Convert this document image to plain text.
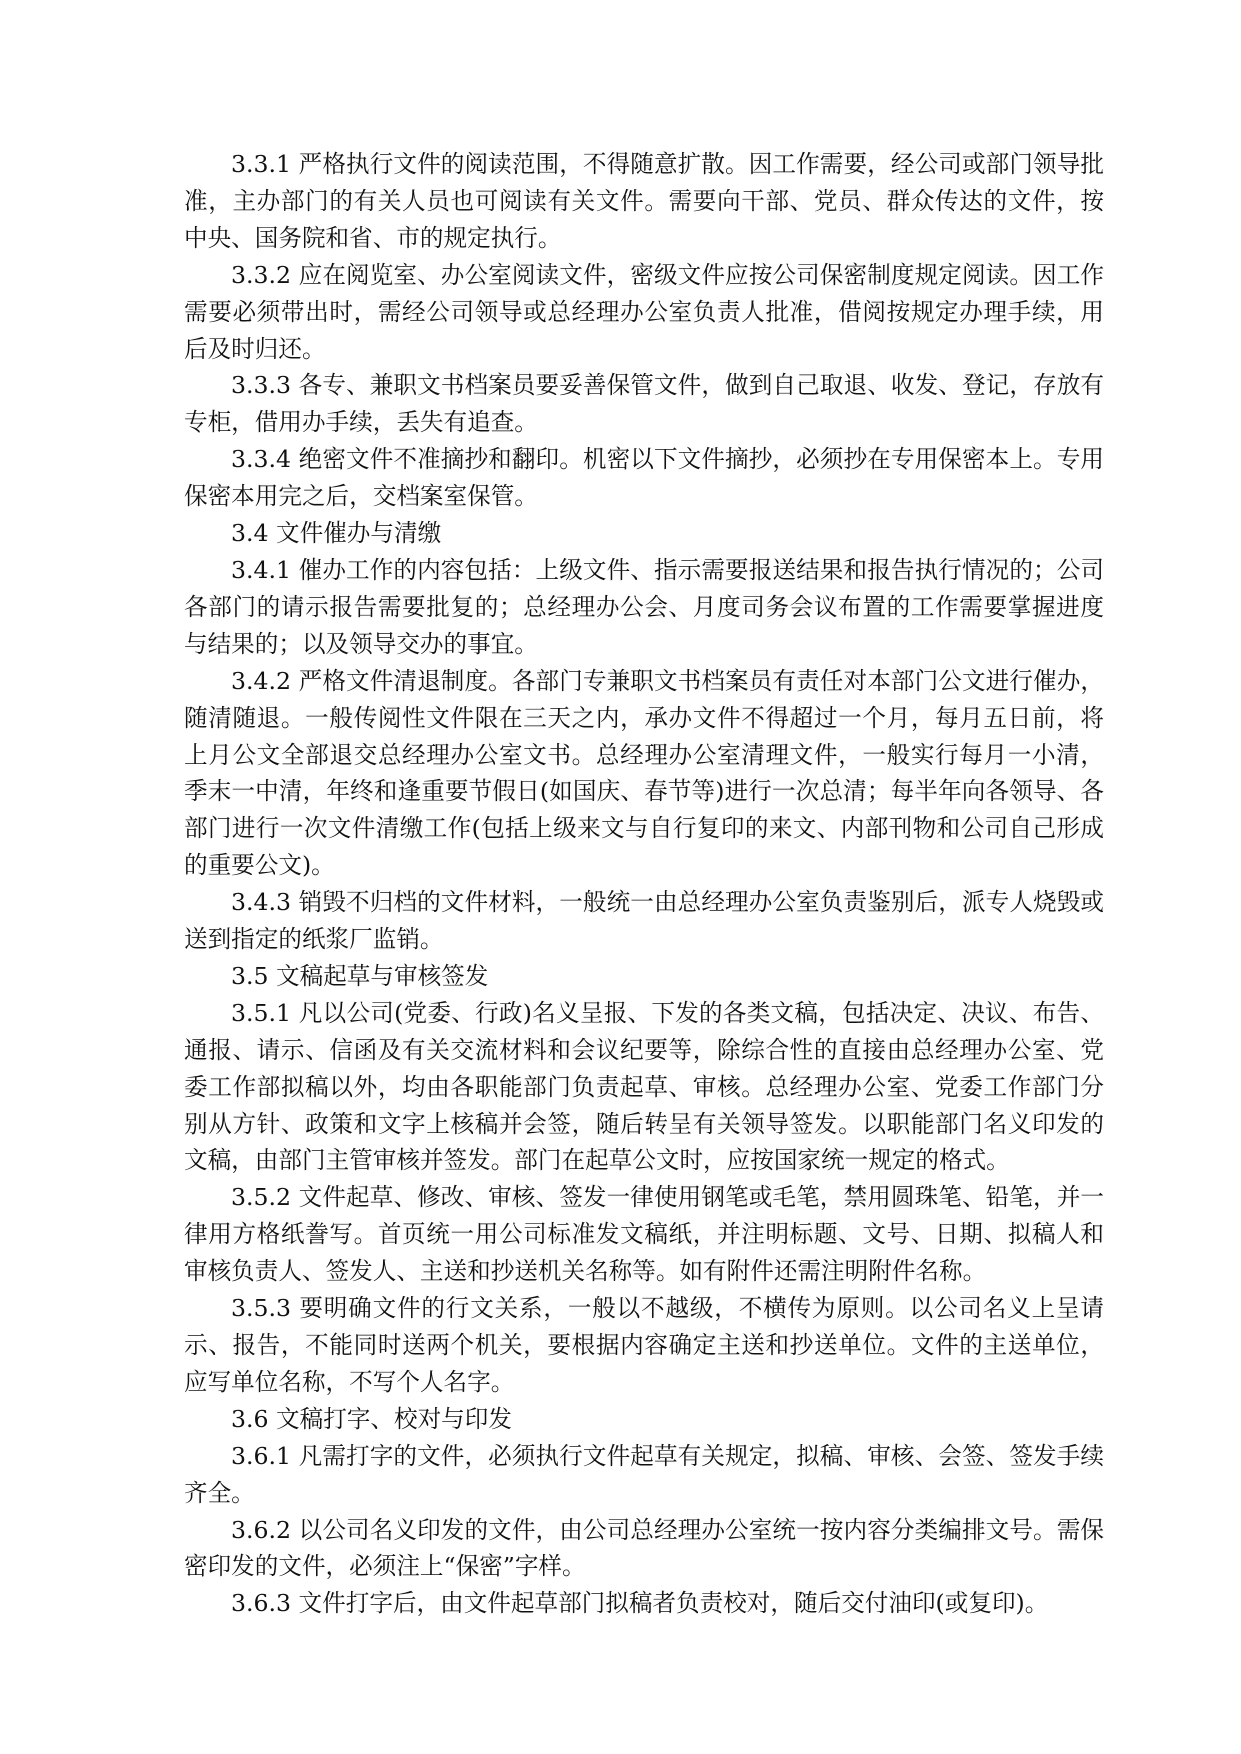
3.3.1 严格执行文件的阅读范围，不得随意扩散。因工作需要，经公司或部门领导批准，主办部门的有关人员也可阅读有关文件。需要向干部、党员、群众传达的文件，按中央、国务院和省、市的规定执行。

3.3.2 应在阅览室、办公室阅读文件，密级文件应按公司保密制度规定阅读。因工作需要必须带出时，需经公司领导或总经理办公室负责人批准，借阅按规定办理手续，用后及时归还。

3.3.3 各专、兼职文书档案员要妥善保管文件，做到自己取退、收发、登记，存放有专柜，借用办手续，丢失有追查。

3.3.4 绝密文件不准摘抄和翻印。机密以下文件摘抄，必须抄在专用保密本上。专用保密本用完之后，交档案室保管。

3.4 文件催办与清缴

3.4.1 催办工作的内容包括：上级文件、指示需要报送结果和报告执行情况的；公司各部门的请示报告需要批复的；总经理办公会、月度司务会议布置的工作需要掌握进度与结果的；以及领导交办的事宜。

3.4.2 严格文件清退制度。各部门专兼职文书档案员有责任对本部门公文进行催办，随清随退。一般传阅性文件限在三天之内，承办文件不得超过一个月，每月五日前，将上月公文全部退交总经理办公室文书。总经理办公室清理文件，一般实行每月一小清，季末一中清，年终和逢重要节假日(如国庆、春节等)进行一次总清；每半年向各领导、各部门进行一次文件清缴工作(包括上级来文与自行复印的来文、内部刊物和公司自己形成的重要公文)。

3.4.3 销毁不归档的文件材料，一般统一由总经理办公室负责鉴别后，派专人烧毁或送到指定的纸浆厂监销。

3.5 文稿起草与审核签发

3.5.1 凡以公司(党委、行政)名义呈报、下发的各类文稿，包括决定、决议、布告、通报、请示、信函及有关交流材料和会议纪要等，除综合性的直接由总经理办公室、党委工作部拟稿以外，均由各职能部门负责起草、审核。总经理办公室、党委工作部门分别从方针、政策和文字上核稿并会签，随后转呈有关领导签发。以职能部门名义印发的文稿，由部门主管审核并签发。部门在起草公文时，应按国家统一规定的格式。

3.5.2 文件起草、修改、审核、签发一律使用钢笔或毛笔，禁用圆珠笔、铅笔，并一律用方格纸誊写。首页统一用公司标准发文稿纸，并注明标题、文号、日期、拟稿人和审核负责人、签发人、主送和抄送机关名称等。如有附件还需注明附件名称。

3.5.3 要明确文件的行文关系，一般以不越级，不横传为原则。以公司名义上呈请示、报告，不能同时送两个机关，要根据内容确定主送和抄送单位。文件的主送单位，应写单位名称，不写个人名字。

3.6 文稿打字、校对与印发

3.6.1 凡需打字的文件，必须执行文件起草有关规定，拟稿、审核、会签、签发手续齐全。

3.6.2 以公司名义印发的文件，由公司总经理办公室统一按内容分类编排文号。需保密印发的文件，必须注上“保密”字样。

3.6.3 文件打字后，由文件起草部门拟稿者负责校对，随后交付油印(或复印)。
